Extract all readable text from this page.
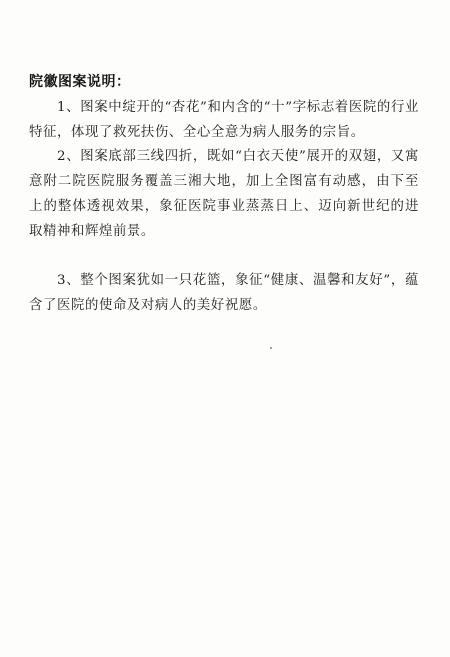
院徽图案说明：

1、图案中绽开的“杏花”和内含的“十”字标志着医院的行业特征，体现了救死扶伤、全心全意为病人服务的宗旨。

2、图案底部三线四折，既如“白衣天使”展开的双翅，又寓意附二院医院服务覆盖三湘大地，加上全图富有动感，由下至上的整体透视效果，象征医院事业蒸蒸日上、迈向新世纪的进取精神和辉煌前景。

3、整个图案犹如一只花篮，象征“健康、温馨和友好”，蕴含了医院的使命及对病人的美好祝愿。
